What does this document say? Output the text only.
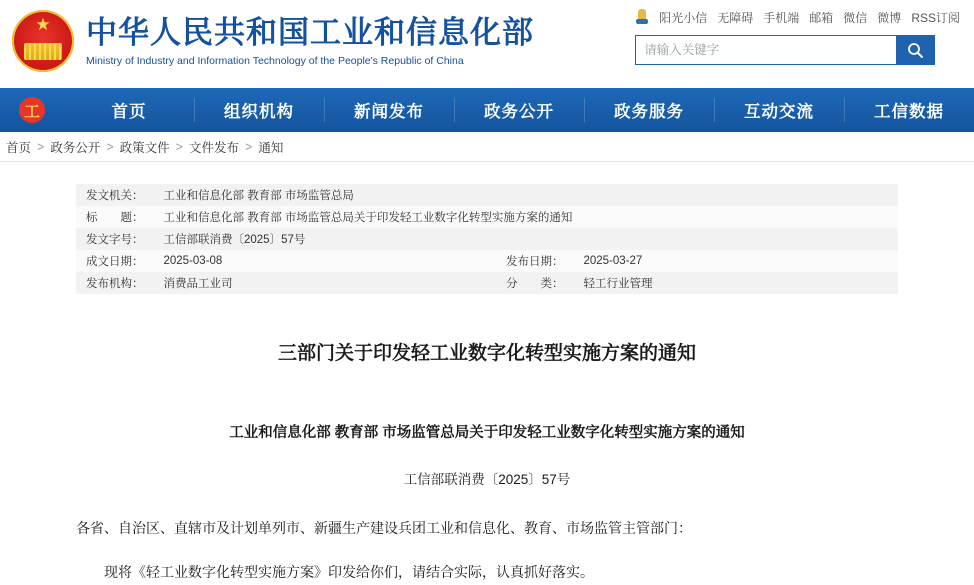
★
中华人民共和国工业和信息化部
Ministry of Industry and Information Technology of the People's Republic of China
阳光小信 无障碍 手机端 邮箱 微信 微博 RSS订阅
请输入关键字
工	首页	组织机构	新闻发布	政务公开	政务服务	互动交流	工信数据
首页 > 政务公开 > 政策文件 > 文件发布 > 通知
发文机关：	工业和信息化部 教育部 市场监管总局		
标　　题：	工业和信息化部 教育部 市场监管总局关于印发轻工业数字化转型实施方案的通知		
发文字号：	工信部联消费〔2025〕57号		
成文日期：	2025-03-08	发布日期：	2025-03-27
发布机构：	消费品工业司	分　　类：	轻工行业管理
三部门关于印发轻工业数字化转型实施方案的通知
工业和信息化部 教育部 市场监管总局关于印发轻工业数字化转型实施方案的通知
工信部联消费〔2025〕57号
各省、自治区、直辖市及计划单列市、新疆生产建设兵团工业和信息化、教育、市场监管主管部门：

现将《轻工业数字化转型实施方案》印发给你们，请结合实际，认真抓好落实。
